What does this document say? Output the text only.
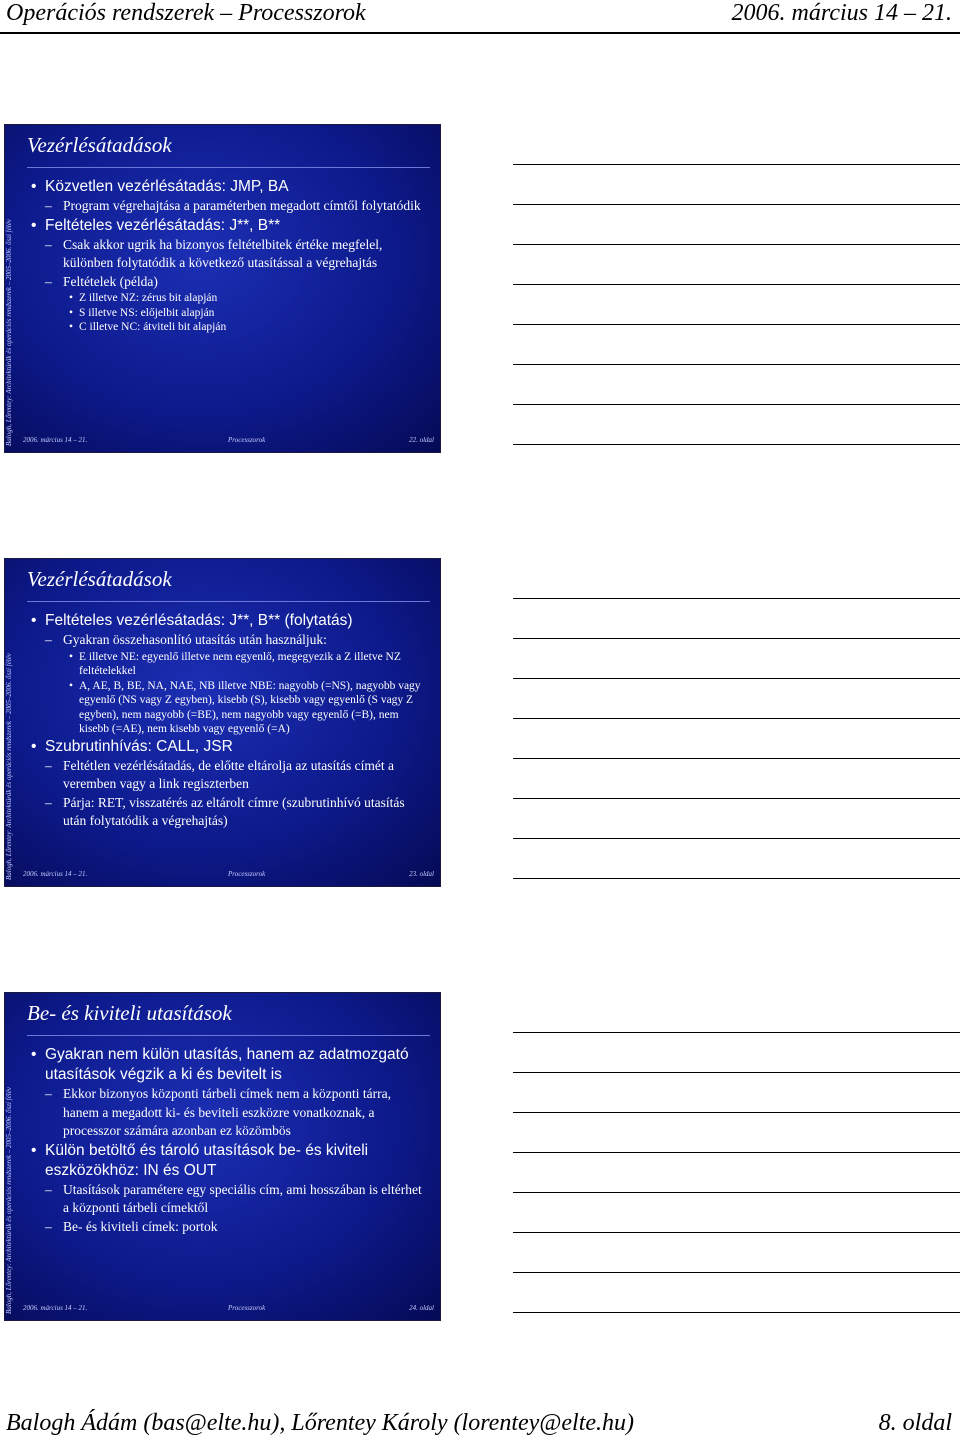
Operációs rendszerek – Processzorok	2006. március 14 – 21.
Balogh, Lőrentey: Architektúrák és operációs rendszerek – 2005–2006. őszi félév
Vezérlésátadások
• Közvetlen vezérlésátadás: JMP, BA
– Program végrehajtása a paraméterben megadott címtől folytatódik
• Feltételes vezérlésátadás: J**, B**
– Csak akkor ugrik ha bizonyos feltételbitek értéke megfelel, különben folytatódik a következő utasítással a végrehajtás
– Feltételek (példa)
• Z illetve NZ: zérus bit alapján
• S illetve NS: előjelbit alapján
• C illetve NC: átviteli bit alapján
2006. március 14 – 21.	Processzorok	22. oldal
Balogh, Lőrentey: Architektúrák és operációs rendszerek – 2005–2006. őszi félév
Vezérlésátadások
• Feltételes vezérlésátadás: J**, B** (folytatás)
– Gyakran összehasonlító utasítás után használjuk:
• E illetve NE: egyenlő illetve nem egyenlő, megegyezik a Z illetve NZ feltételekkel
• A, AE, B, BE, NA, NAE, NB illetve NBE: nagyobb (=NS), nagyobb vagy egyenlő (NS vagy Z egyben), kisebb (S), kisebb vagy egyenlő (S vagy Z egyben), nem nagyobb (=BE), nem nagyobb vagy egyenlő (=B), nem kisebb (=AE), nem kisebb vagy egyenlő (=A)
• Szubrutinhívás: CALL, JSR
– Feltétlen vezérlésátadás, de előtte eltárolja az utasítás címét a veremben vagy a link regiszterben
– Párja: RET, visszatérés az eltárolt címre (szubrutinhívó utasítás után folytatódik a végrehajtás)
2006. március 14 – 21.	Processzorok	23. oldal
Balogh, Lőrentey: Architektúrák és operációs rendszerek – 2005–2006. őszi félév
Be- és kiviteli utasítások
• Gyakran nem külön utasítás, hanem az adatmozgató utasítások végzik a ki és bevitelt is
– Ekkor bizonyos központi tárbeli címek nem a központi tárra, hanem a megadott ki- és beviteli eszközre vonatkoznak, a processzor számára azonban ez közömbös
• Külön betöltő és tároló utasítások be- és kiviteli eszközökhöz: IN és OUT
– Utasítások paramétere egy speciális cím, ami hosszában is eltérhet a központi tárbeli címektől
– Be- és kiviteli címek: portok
2006. március 14 – 21.	Processzorok	24. oldal
Balogh Ádám (bas@elte.hu), Lőrentey Károly (lorentey@elte.hu)	8. oldal
